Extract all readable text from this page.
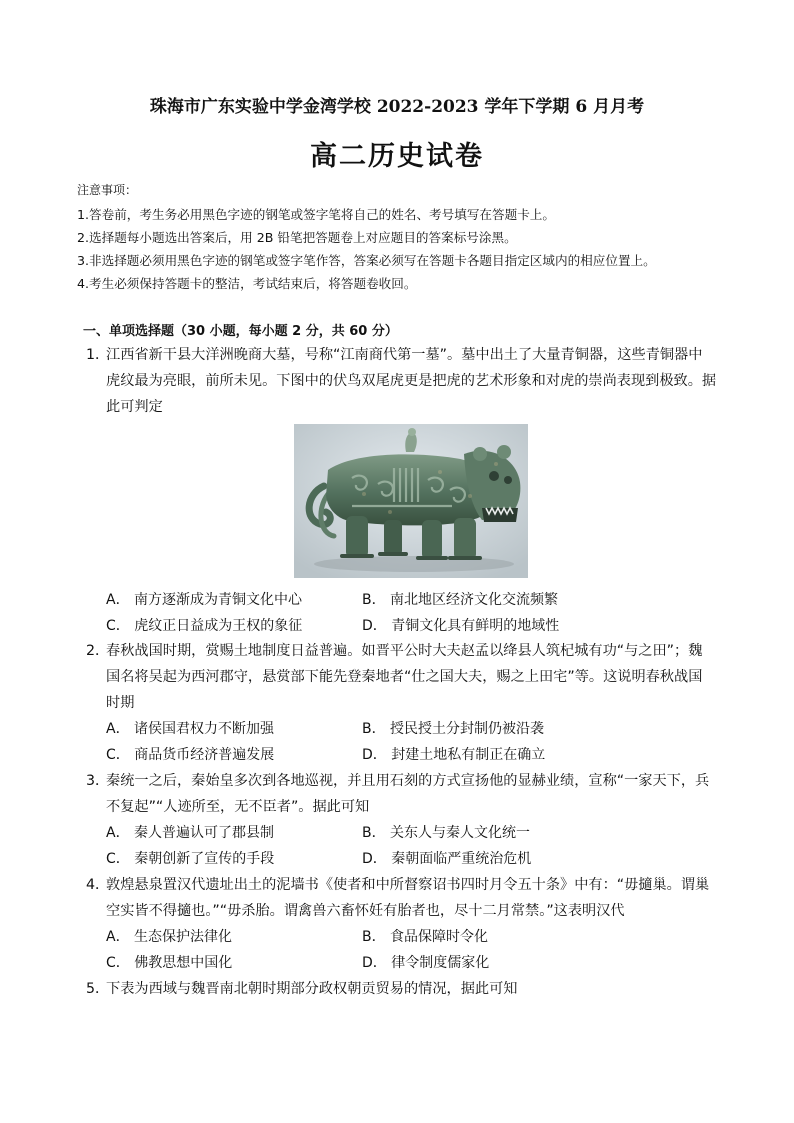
珠海市广东实验中学金湾学校 2022-2023 学年下学期 6 月月考
高二历史试卷
注意事项：
1.答卷前，考生务必用黑色字迹的钢笔或签字笔将自己的姓名、考号填写在答题卡上。
2.选择题每小题选出答案后，用 2B 铅笔把答题卷上对应题目的答案标号涂黑。
3.非选择题必须用黑色字迹的钢笔或签字笔作答，答案必须写在答题卡各题目指定区域内的相应位置上。
4.考生必须保持答题卡的整洁，考试结束后，将答题卷收回。
一、单项选择题（30 小题，每小题 2 分，共 60 分）
1．
江西省新干县大洋洲晚商大墓，号称“江南商代第一墓”。墓中出土了大量青铜器，这些青铜器中
虎纹最为亮眼，前所未见。下图中的伏鸟双尾虎更是把虎的艺术形象和对虎的崇尚表现到极致。据
此可判定
A． 南方逐渐成为青铜文化中心	B． 南北地区经济文化交流频繁
C． 虎纹正日益成为王权的象征	D． 青铜文化具有鲜明的地域性
2．
春秋战国时期，赏赐土地制度日益普遍。如晋平公时大夫赵孟以绛县人筑杞城有功“与之田”；魏
国名将吴起为西河郡守，悬赏部下能先登秦地者“仕之国大夫，赐之上田宅”等。这说明春秋战国
时期
A． 诸侯国君权力不断加强	B． 授民授土分封制仍被沿袭
C． 商品货币经济普遍发展	D． 封建土地私有制正在确立
3．
秦统一之后，秦始皇多次到各地巡视，并且用石刻的方式宣扬他的显赫业绩，宣称“一家天下，兵
不复起”“人迹所至，无不臣者”。据此可知
A． 秦人普遍认可了郡县制	B． 关东人与秦人文化统一
C． 秦朝创新了宣传的手段	D． 秦朝面临严重统治危机
4．
敦煌悬泉置汉代遗址出土的泥墙书《使者和中所督察诏书四时月令五十条》中有：“毋擿巢。谓巢
空实皆不得擿也。”“毋杀胎。谓禽兽六畜怀妊有胎者也，尽十二月常禁。”这表明汉代
A． 生态保护法律化	B． 食品保障时令化
C． 佛教思想中国化	D． 律令制度儒家化
5．
下表为西域与魏晋南北朝时期部分政权朝贡贸易的情况，据此可知
